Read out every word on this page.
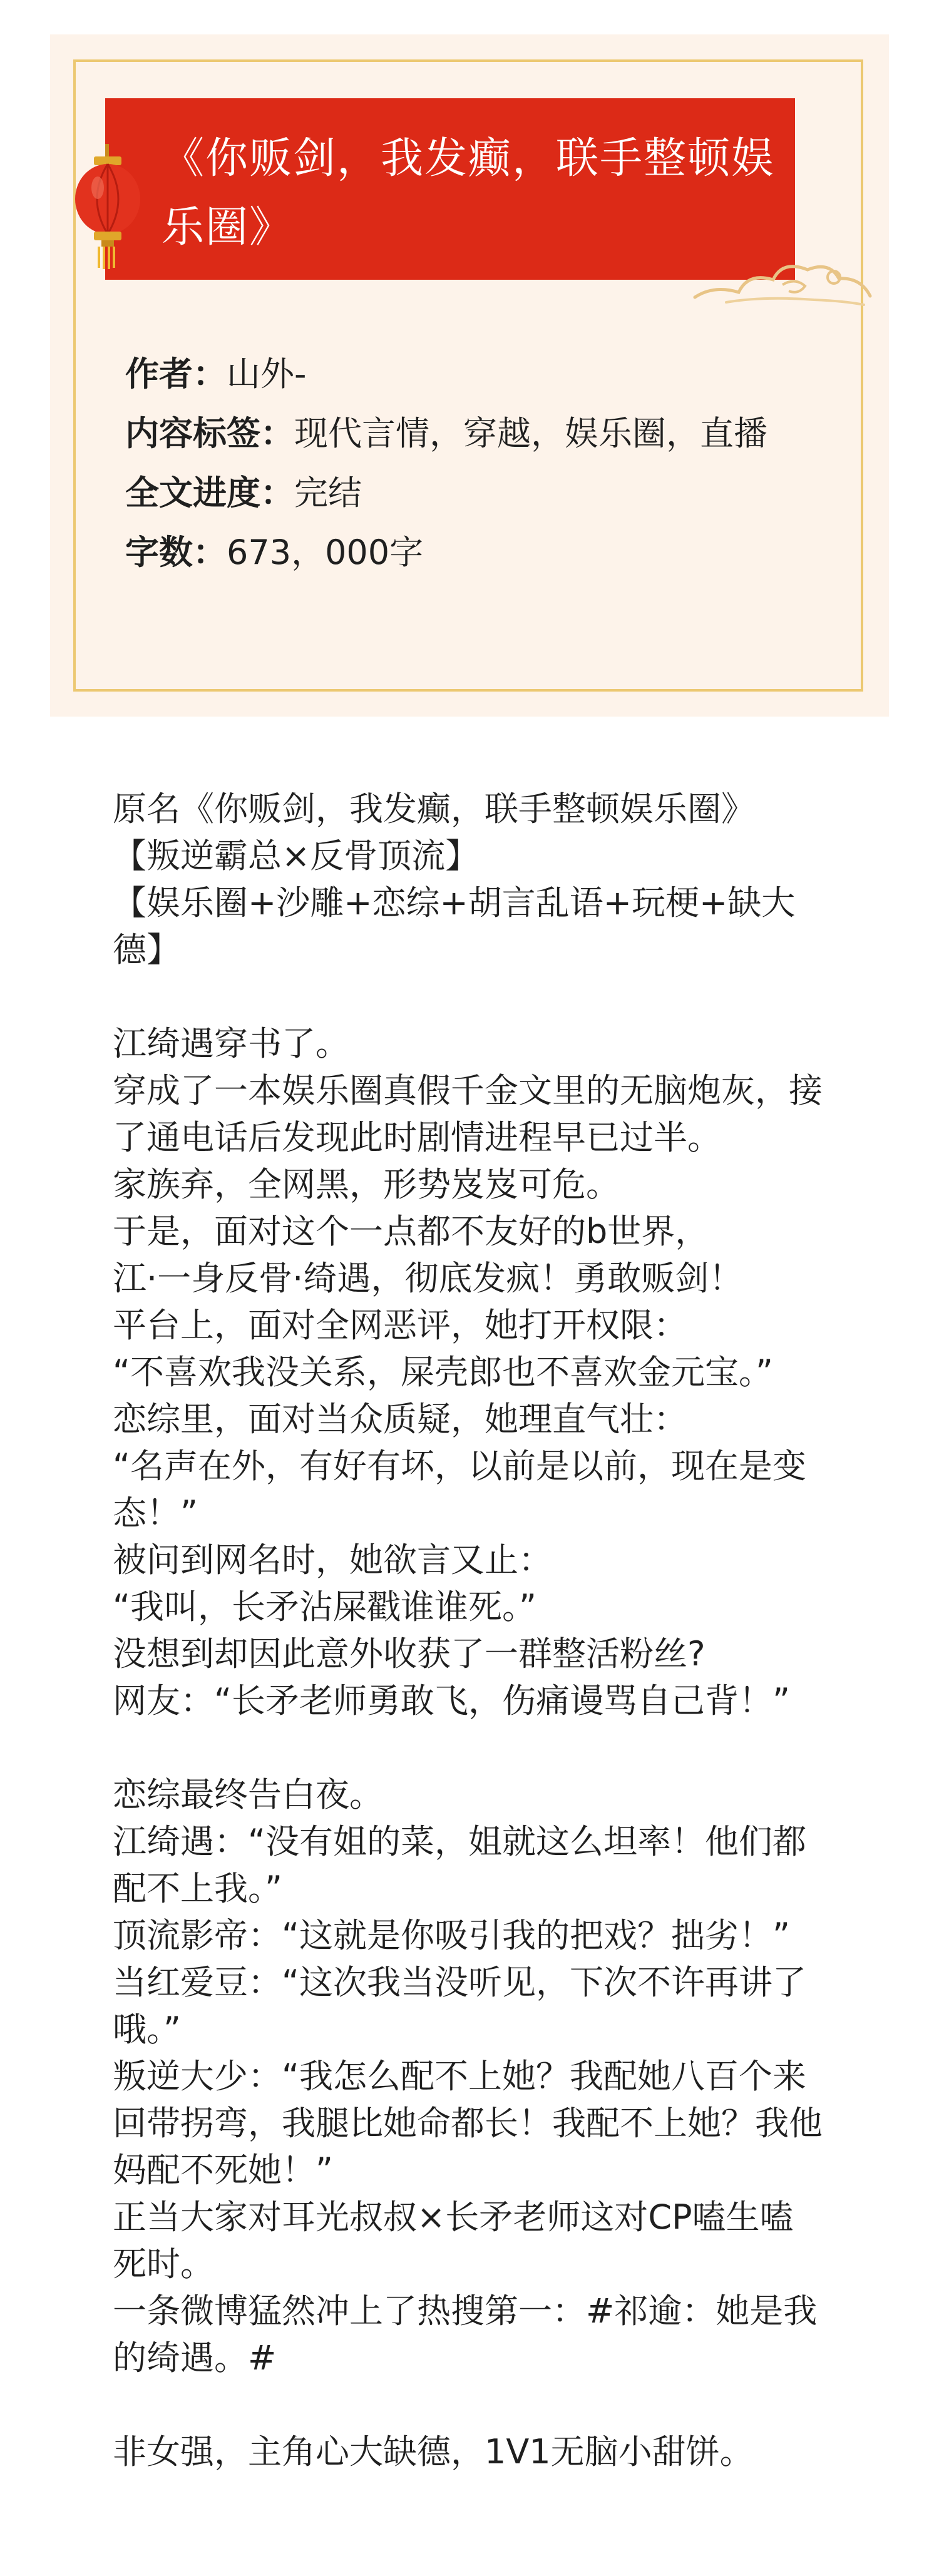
《你贩剑，我发癫，联手整顿娱乐圈》

作者：山外-

内容标签：现代言情，穿越，娱乐圈，直播

全文进度：完结

字数：673，000字

原名《你贩剑，我发癫，联手整顿娱乐圈》
【叛逆霸总×反骨顶流】
【娱乐圈+沙雕+恋综+胡言乱语+玩梗+缺大德】

江绮遇穿书了。
穿成了一本娱乐圈真假千金文里的无脑炮灰，接了通电话后发现此时剧情进程早已过半。
家族弃，全网黑，形势岌岌可危。
于是，面对这个一点都不友好的b世界，
江·一身反骨·绮遇，彻底发疯！勇敢贩剑！
平台上，面对全网恶评，她打开权限：
“不喜欢我没关系，屎壳郎也不喜欢金元宝。”
恋综里，面对当众质疑，她理直气壮：
“名声在外，有好有坏，以前是以前，现在是变态！”
被问到网名时，她欲言又止：
“我叫，长矛沾屎戳谁谁死。”
没想到却因此意外收获了一群整活粉丝?
网友：“长矛老师勇敢飞，伤痛谩骂自己背！”

恋综最终告白夜。
江绮遇：“没有姐的菜，姐就这么坦率！他们都配不上我。”
顶流影帝：“这就是你吸引我的把戏？拙劣！”
当红爱豆：“这次我当没听见，下次不许再讲了哦。”
叛逆大少：“我怎么配不上她？我配她八百个来回带拐弯，我腿比她命都长！我配不上她？我他妈配不死她！”
正当大家对耳光叔叔×长矛老师这对CP嗑生嗑死时。
一条微博猛然冲上了热搜第一：#祁逾：她是我的绮遇。#

非女强，主角心大缺德，1V1无脑小甜饼。
